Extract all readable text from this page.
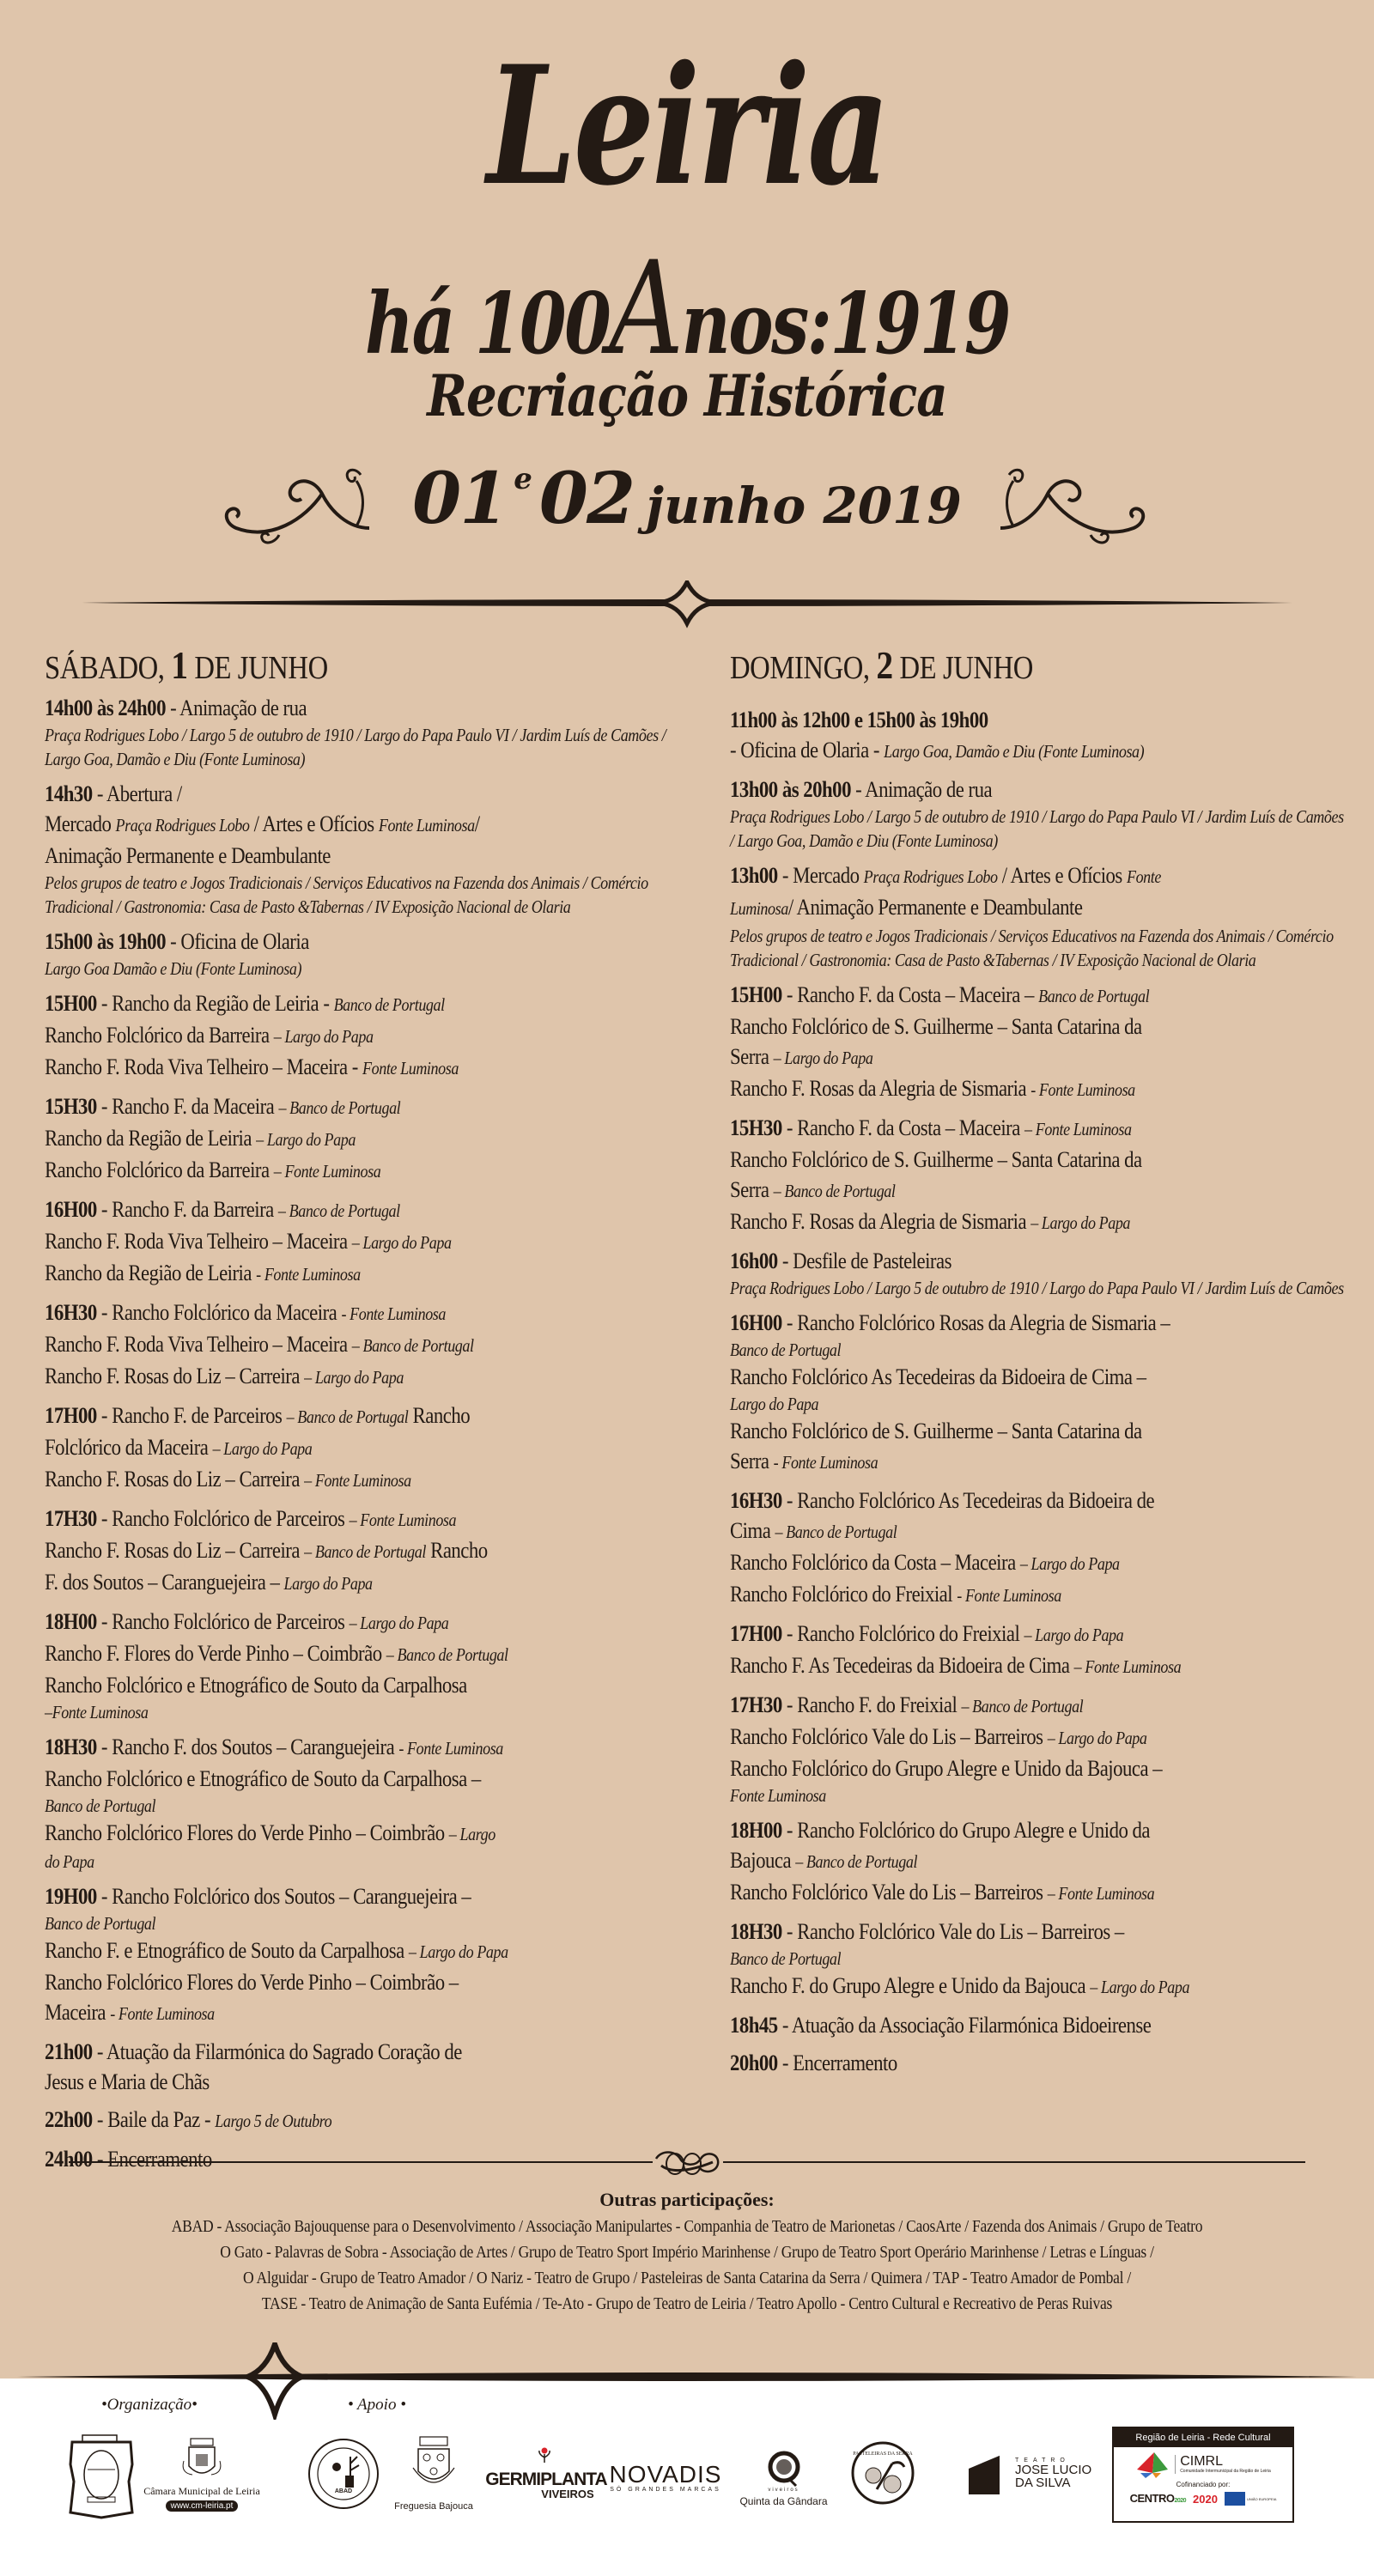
Leiria
há 100Anos:1919
Recriação Histórica
01 e02 junho 2019
SÁBADO, 1 DE JUNHO
14h00 às 24h00 - Animação de rua
Praça Rodrigues Lobo / Largo 5 de outubro de 1910 / Largo do Papa Paulo VI / Jardim Luís de Camões / Largo Goa, Damão e Diu (Fonte Luminosa)
14h30 - Abertura /
Mercado Praça Rodrigues Lobo / Artes e Ofícios Fonte Luminosa/
Animação Permanente e Deambulante
Pelos grupos de teatro e Jogos Tradicionais / Serviços Educativos na Fazenda dos Animais / Comércio Tradicional / Gastronomia: Casa de Pasto &Tabernas / IV Exposição Nacional de Olaria
15h00 às 19h00 - Oficina de Olaria
Largo Goa Damão e Diu (Fonte Luminosa)
15H00 - Rancho da Região de Leiria - Banco de Portugal
Rancho Folclórico da Barreira – Largo do Papa
Rancho F. Roda Viva Telheiro – Maceira - Fonte Luminosa
15H30 - Rancho F. da Maceira – Banco de Portugal
Rancho da Região de Leiria – Largo do Papa
Rancho Folclórico da Barreira – Fonte Luminosa
16H00 - Rancho F. da Barreira – Banco de Portugal
Rancho F. Roda Viva Telheiro – Maceira – Largo do Papa
Rancho da Região de Leiria - Fonte Luminosa
16H30 - Rancho Folclórico da Maceira - Fonte Luminosa
Rancho F. Roda Viva Telheiro – Maceira – Banco de Portugal
Rancho F. Rosas do Liz – Carreira – Largo do Papa
17H00 - Rancho F. de Parceiros – Banco de Portugal Rancho
Folclórico da Maceira – Largo do Papa
Rancho F. Rosas do Liz – Carreira – Fonte Luminosa
17H30 - Rancho Folclórico de Parceiros – Fonte Luminosa
Rancho F. Rosas do Liz – Carreira – Banco de Portugal Rancho
F. dos Soutos – Caranguejeira – Largo do Papa
18H00 - Rancho Folclórico de Parceiros – Largo do Papa
Rancho F. Flores do Verde Pinho – Coimbrão – Banco de Portugal
Rancho Folclórico e Etnográfico de Souto da Carpalhosa
–Fonte Luminosa
18H30 - Rancho F. dos Soutos – Caranguejeira - Fonte Luminosa
Rancho Folclórico e Etnográfico de Souto da Carpalhosa –
Banco de Portugal
Rancho Folclórico Flores do Verde Pinho – Coimbrão – Largo
do Papa
19H00 - Rancho Folclórico dos Soutos – Caranguejeira –
Banco de Portugal
Rancho F. e Etnográfico de Souto da Carpalhosa – Largo do Papa
Rancho Folclórico Flores do Verde Pinho – Coimbrão –
Maceira - Fonte Luminosa
21h00 - Atuação da Filarmónica do Sagrado Coração de
Jesus e Maria de Chãs
22h00 - Baile da Paz - Largo 5 de Outubro
24h00 - Encerramento
DOMINGO, 2 DE JUNHO
11h00 às 12h00 e 15h00 às 19h00
- Oficina de Olaria - Largo Goa, Damão e Diu (Fonte Luminosa)
13h00 às 20h00 - Animação de rua
Praça Rodrigues Lobo / Largo 5 de outubro de 1910 / Largo do Papa Paulo VI / Jardim Luís de Camões / Largo Goa, Damão e Diu (Fonte Luminosa)
13h00 - Mercado Praça Rodrigues Lobo / Artes e Ofícios Fonte
Luminosa/ Animação Permanente e Deambulante
Pelos grupos de teatro e Jogos Tradicionais / Serviços Educativos na Fazenda dos Animais / Comércio Tradicional / Gastronomia: Casa de Pasto &Tabernas / IV Exposição Nacional de Olaria
15H00 - Rancho F. da Costa – Maceira – Banco de Portugal
Rancho Folclórico de S. Guilherme – Santa Catarina da
Serra – Largo do Papa
Rancho F. Rosas da Alegria de Sismaria - Fonte Luminosa
15H30 - Rancho F. da Costa – Maceira – Fonte Luminosa
Rancho Folclórico de S. Guilherme – Santa Catarina da
Serra – Banco de Portugal
Rancho F. Rosas da Alegria de Sismaria – Largo do Papa
16h00 - Desfile de Pasteleiras
Praça Rodrigues Lobo / Largo 5 de outubro de 1910 / Largo do Papa Paulo VI / Jardim Luís de Camões
16H00 - Rancho Folclórico Rosas da Alegria de Sismaria –
Banco de Portugal
Rancho Folclórico As Tecedeiras da Bidoeira de Cima –
Largo do Papa
Rancho Folclórico de S. Guilherme – Santa Catarina da
Serra - Fonte Luminosa
16H30 - Rancho Folclórico As Tecedeiras da Bidoeira de
Cima – Banco de Portugal
Rancho Folclórico da Costa – Maceira – Largo do Papa
Rancho Folclórico do Freixial - Fonte Luminosa
17H00 - Rancho Folclórico do Freixial – Largo do Papa
Rancho F. As Tecedeiras da Bidoeira de Cima – Fonte Luminosa
17H30 - Rancho F. do Freixial – Banco de Portugal
Rancho Folclórico Vale do Lis – Barreiros – Largo do Papa
Rancho Folclórico do Grupo Alegre e Unido da Bajouca –
Fonte Luminosa
18H00 - Rancho Folclórico do Grupo Alegre e Unido da
Bajouca – Banco de Portugal
Rancho Folclórico Vale do Lis – Barreiros – Fonte Luminosa
18H30 - Rancho Folclórico Vale do Lis – Barreiros –
Banco de Portugal
Rancho F. do Grupo Alegre e Unido da Bajouca – Largo do Papa
18h45 - Atuação da Associação Filarmónica Bidoeirense
20h00 - Encerramento
Outras participações:
ABAD - Associação Bajouquense para o Desenvolvimento / Associação Manipulartes - Companhia de Teatro de Marionetas / CaosArte / Fazenda dos Animais / Grupo de Teatro
O Gato - Palavras de Sobra - Associação de Artes / Grupo de Teatro Sport Império Marinhense / Grupo de Teatro Sport Operário Marinhense / Letras e Línguas /
O Alguidar - Grupo de Teatro Amador / O Nariz - Teatro de Grupo / Pasteleiras de Santa Catarina da Serra / Quimera / TAP - Teatro Amador de Pombal /
TASE - Teatro de Animação de Santa Eufémia / Te-Ato - Grupo de Teatro de Leiria / Teatro Apollo - Centro Cultural e Recreativo de Peras Ruivas
•Organização•	• Apoio •
Câmara Municipal de Leiria
www.cm-leiria.pt
ABAD
Freguesia Bajouca
GERMIPLANTA
VIVEIROS
NOVADIS
SÓ GRANDES MARCAS	viveiros
Quinta da Gândara
PASTELEIRAS DA SERRA
TEATRO
JOSE LUCIO
DA SILVA
Região de Leiria - Rede Cultural
CIMRL
Comunidade Intermunicipal da Região de Leiria
Cofinanciado por:
CENTRO2020 2020	UNIÃO EUROPEIA
